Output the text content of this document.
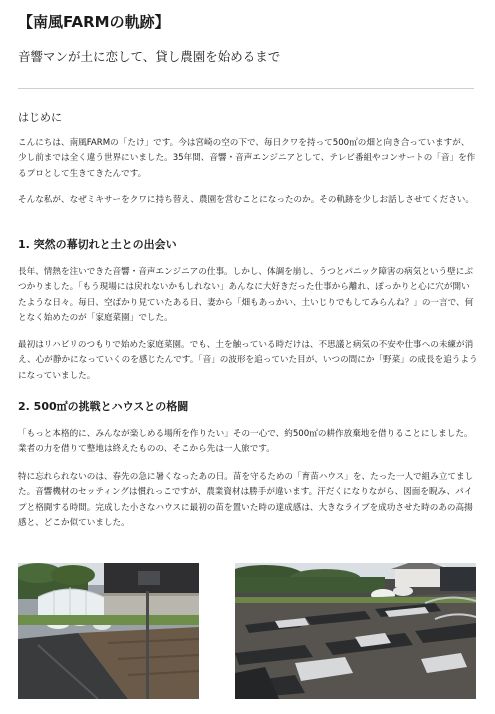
【南風FARMの軌跡】
音響マンが土に恋して、貸し農園を始めるまで
はじめに

こんにちは、南風FARMの「たけ」です。今は宮崎の空の下で、毎日クワを持って500㎡の畑と向き合っていますが、少し前までは全く違う世界にいました。35年間、音響・音声エンジニアとして、テレビ番組やコンサートの「音」を作るプロとして生きてきたんです。

そんな私が、なぜミキサーをクワに持ち替え、農園を営むことになったのか。その軌跡を少しお話しさせてください。

1. 突然の幕切れと土との出会い

長年、情熱を注いできた音響・音声エンジニアの仕事。しかし、体調を崩し、うつとパニック障害の病気という壁にぶつかりました。「もう現場には戻れないかもしれない」あんなに大好きだった仕事から離れ、ぽっかりと心に穴が開いたような日々。毎日、空ばかり見ていたある日、妻から「畑もあっかい、土いじりでもしてみらんね？」の一言で、何となく始めたのが「家庭菜園」でした。

最初はリハビリのつもりで始めた家庭菜園。でも、土を触っている時だけは、不思議と病気の不安や仕事への未練が消え、心が静かになっていくのを感じたんです。「音」の波形を追っていた目が、いつの間にか「野菜」の成長を追うようになっていました。

2. 500㎡の挑戦とハウスとの格闘

「もっと本格的に、みんなが楽しめる場所を作りたい」その一心で、約500㎡の耕作放棄地を借りることにしました。業者の力を借りて整地は終えたものの、そこから先は一人旅です。

特に忘れられないのは、春先の急に暑くなったあの日。苗を守るための「育苗ハウス」を、たった一人で組み立てました。音響機材のセッティングは慣れっこですが、農業資材は勝手が違います。汗だくになりながら、図面を睨み、パイプと格闘する時間。完成した小さなハウスに最初の苗を置いた時の達成感は、大きなライブを成功させた時のあの高揚感と、どこか似ていました。
